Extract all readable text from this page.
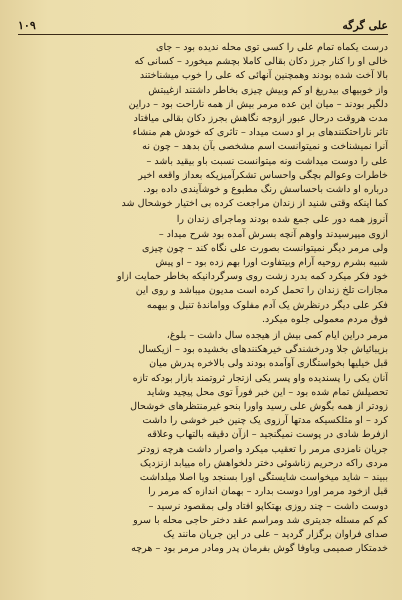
علی گرگه
۱۰۹

درست یکماه تمام علی را کسی توی محله ندیده بود – جای

خالی او را کنار جرز دکان بقالی کاملا بچشم میخورد – کسانی که

بالا آخت شده بودند وهمچنین آنهائی که علی را خوب میشناختند

واز خوبیهای بیدریغ او کم وبیش چیزی بخاطر داشتند ازغیبتش

دلگیر بودند – میان این عده مرمر بیش از همه ناراحت بود – دراین

مدت هروقت درحال عبور ازوجه نگاهش بجرز دکان بقالی میافتاد

تاثر ناراحتکنندهای بر او دست میداد – تاثری که خودش هم منشاء

آنرا نمیشناخت و نمیتوانست اسم مشخصی بآن بدهد – چون نه

علی را دوست میداشت ونه میتوانست نسبت باو بیقید باشد –

خاطرات وعوالم بچگی واحساس تشکرآمیزیکه بعداز واقعه اخیر

درباره او داشت باحساسش رنگ مطبوع و خوشآیندی داده بود.

کما اینکه وقتی شنید از زندان مراجعت کرده بی اختیار خوشحال شد

آنروز همه دور علی جمع شده بودند وماجرای زندان را

ازوی میپرسیدند واوهم آنچه بسرش آمده بود شرح میداد –

ولی مرمر دیگر نمیتوانست بصورت علی نگاه کند – چون چیزی

شبیه بشرم روحیه آرام وبیتفاوت اورا بهم زده بود – او پیش

خود فکر میکرد کمه بدرد زشت روی وسرگردانیکه بخاطر حمایت ازاو

مجازات تلخ زندان را تحمل کرده است مدیون میباشد و روی این

فکر علی دیگر درنظرش یک آدم مفلوک وواماندهٔ تنبل و بیهمه

فوق مردم معمولی جلوه میکرد.

مرمر دراین ایام کمی بیش از هیجده سال داشت – بلوغ،

بزیبائیاش جلا ودرخشندگی خیرهکنندهای بخشیده بود – ازیکسال

قبل خیلیها بخواستگاری آوآمده بودند ولی بالاخره پدرش میان

آنان یکی را پسندیده واو پسر یکی ازتجار ثروتمند بازار بودکه تازه

تحصیلش تمام شده بود – این خبر فوراً توی محل پیچید وشاید

زودتر از همه بگوش علی رسید واورا بنحو غیرمنتظرهای خوشحال

کرد – او مثلکسیکه مدتها آرزوی یک چنین خبر خوشی را داشت

ازفرط شادی در پوست نمیگنجید – ازآن دقیقه بالتهاب وعلاقه

جریان نامزدی مرمر را تعقیب میکرد واصرار داشت هرچه زودتر

مردی راکه درحریم زناشوئی دختر دلخواهش راه مییابد ازنزدیک

ببیند – شاید میخواست شایستگی اورا بسنجد ویا اصلا میلداشت

قبل ازخود مرمر اورا دوست بدارد – بهمان اندازه که مرمر را

دوست داشت – چند روزی بهتکاپو افتاد ولی بمقصود نرسید –

کم کم مسئله جدیتری شد ومراسم عقد دختر حاجی محله با سرو

صدای فراوان برگزار گردید – علی در این جریان مانند یک

خدمتکار صمیمی وباوفا گوش بفرمان پدر ومادر مرمر بود – هرچه
